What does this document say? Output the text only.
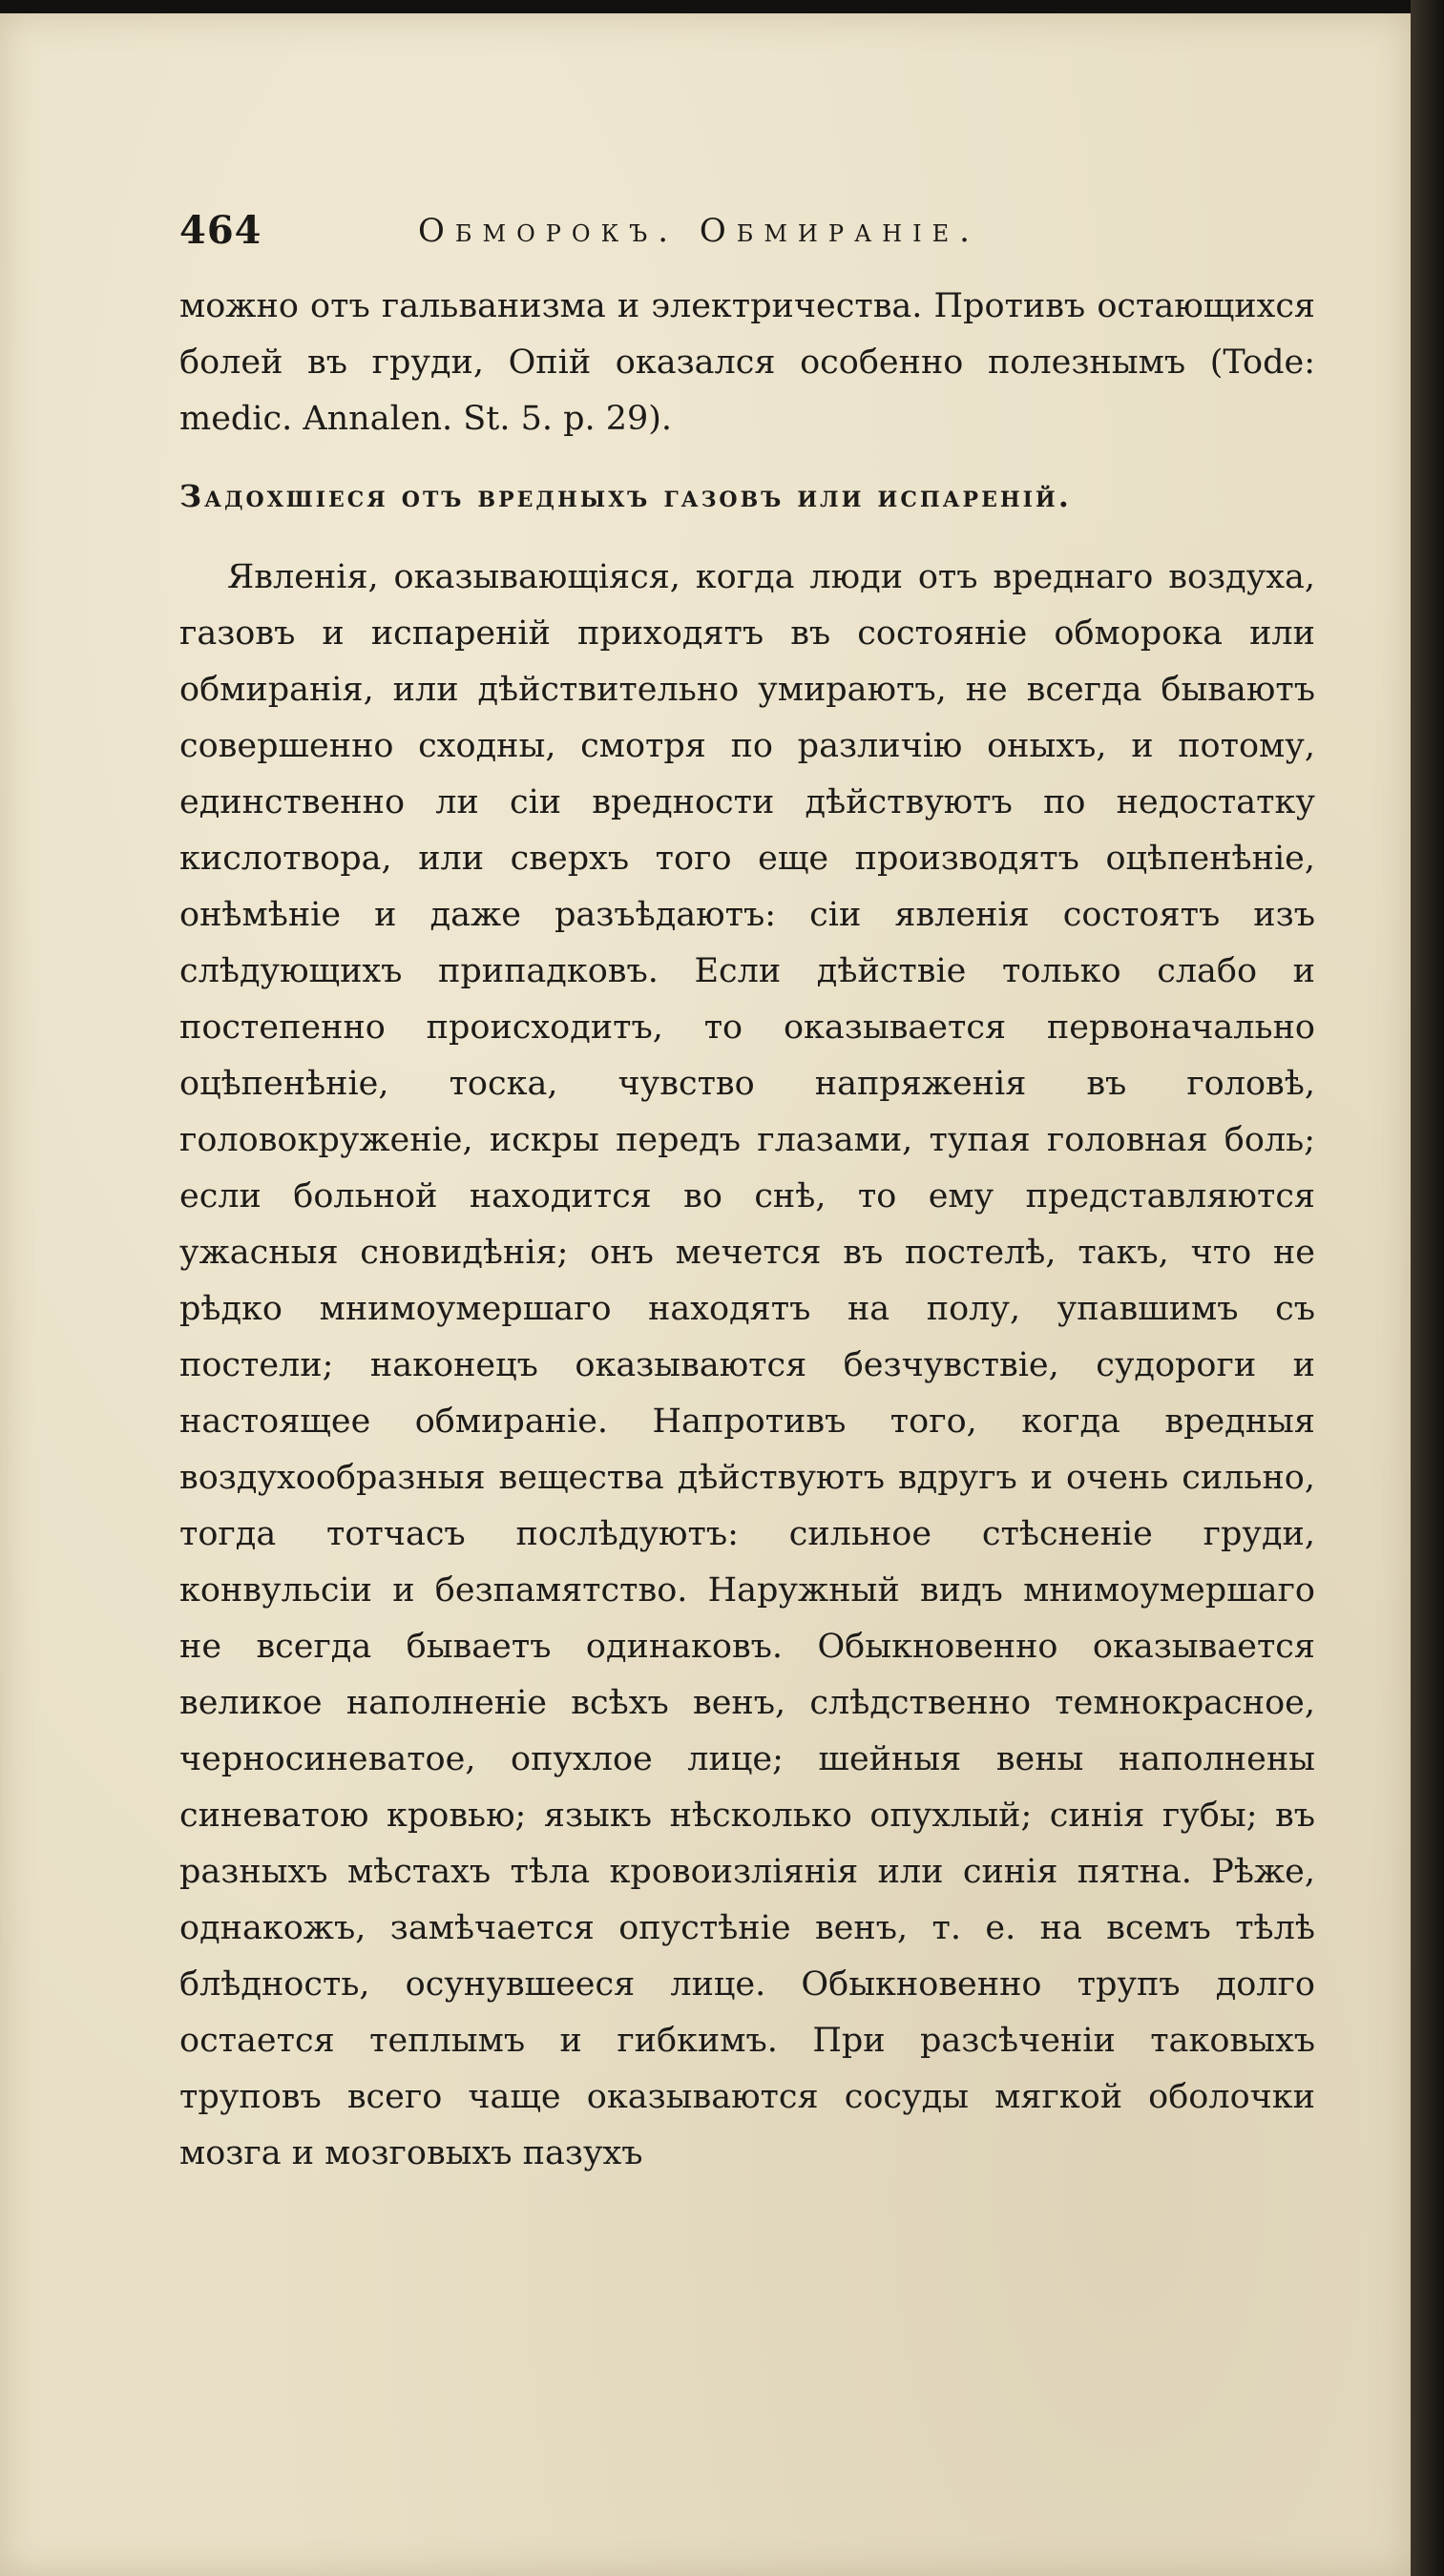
464	Обморокъ. Обмиранiе.

можно отъ гальванизма и электричества. Противъ остающихся болей въ груди, Опiй оказался особенно полезнымъ (Tode: medic. Annalen. St. 5. p. 29).

Задохшiеся отъ вредныхъ газовъ или испаренiй.

Явленiя, оказывающiяся, когда люди отъ вреднаго воздуха, газовъ и испаренiй приходятъ въ состоянiе обморока или обмиранiя, или дѣйствительно умираютъ, не всегда бываютъ совершенно сходны, смотря по различiю оныхъ, и потому, единственно ли сiи вредности дѣйствуютъ по недостатку кислотвора, или сверхъ того еще производятъ оцѣпенѣнiе, онѣмѣнiе и даже разъѣдаютъ: сiи явленiя состоятъ изъ слѣдующихъ припадковъ. Если дѣйствiе только слабо и постепенно происходитъ, то оказывается первоначально оцѣпенѣнiе, тоска, чувство напряженiя въ головѣ, головокруженiе, искры передъ глазами, тупая головная боль; если больной находится во снѣ, то ему представляются ужасныя сновидѣнiя; онъ мечется въ постелѣ, такъ, что не рѣдко мнимоумершаго находятъ на полу, упавшимъ съ постели; наконецъ оказываются безчувствiе, судороги и настоящее обмиранiе. Напротивъ того, когда вредныя воздухообразныя вещества дѣйствуютъ вдругъ и очень сильно, тогда тотчасъ послѣдуютъ: сильное стѣсненiе груди, конвульсiи и безпамятство. Наружный видъ мнимоумершаго не всегда бываетъ одинаковъ. Обыкновенно оказывается великое наполненiе всѣхъ венъ, слѣдственно темнокрасное, черносиневатое, опухлое лице; шейныя вены наполнены синеватою кровью; языкъ нѣсколько опухлый; синiя губы; въ разныхъ мѣстахъ тѣла кровоизлiянiя или синiя пятна. Рѣже, однакожъ, замѣчается опустѣнiе венъ, т. е. на всемъ тѣлѣ блѣдность, осунувшееся лице. Обыкновенно трупъ долго остается теплымъ и гибкимъ. При разсѣченiи таковыхъ труповъ всего чаще оказываются сосуды мягкой оболочки мозга и мозговыхъ пазухъ
